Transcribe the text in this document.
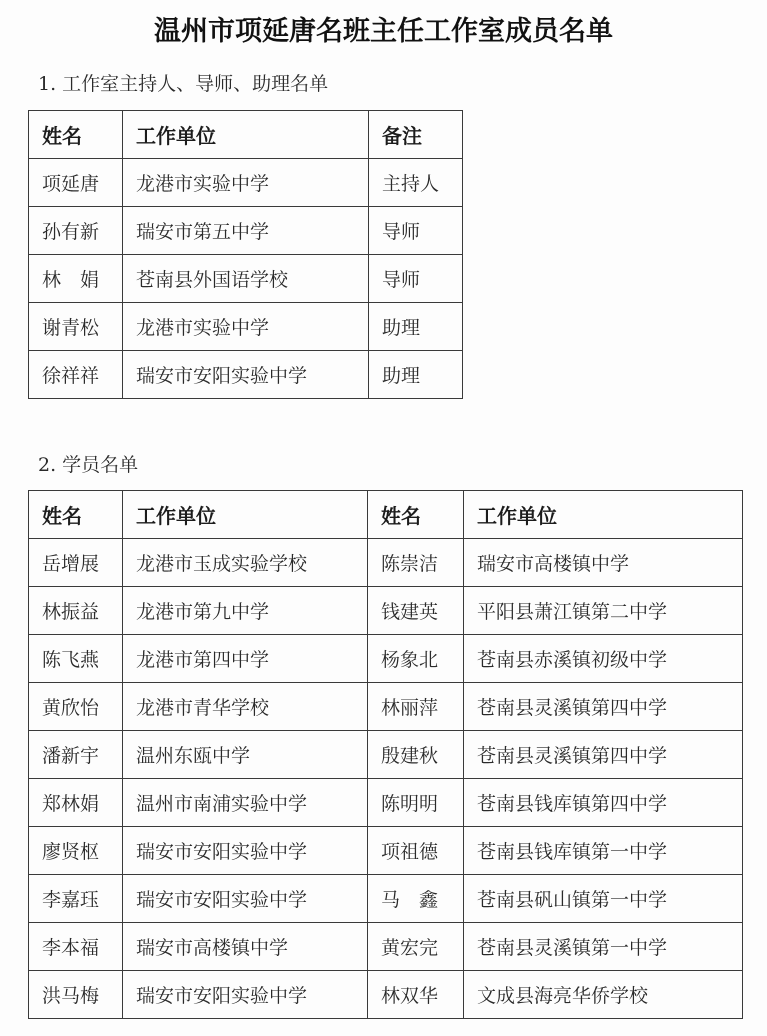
温州市项延唐名班主任工作室成员名单

1. 工作室主持人、导师、助理名单

姓名	工作单位	备注
项延唐	龙港市实验中学	主持人
孙有新	瑞安市第五中学	导师
林　娟	苍南县外国语学校	导师
谢青松	龙港市实验中学	助理
徐祥祥	瑞安市安阳实验中学	助理

2. 学员名单

姓名	工作单位	姓名	工作单位
岳增展	龙港市玉成实验学校	陈崇洁	瑞安市高楼镇中学
林振益	龙港市第九中学	钱建英	平阳县萧江镇第二中学
陈飞燕	龙港市第四中学	杨象北	苍南县赤溪镇初级中学
黄欣怡	龙港市青华学校	林丽萍	苍南县灵溪镇第四中学
潘新宇	温州东瓯中学	殷建秋	苍南县灵溪镇第四中学
郑林娟	温州市南浦实验中学	陈明明	苍南县钱库镇第四中学
廖贤枢	瑞安市安阳实验中学	项祖德	苍南县钱库镇第一中学
李嘉珏	瑞安市安阳实验中学	马　鑫	苍南县矾山镇第一中学
李本福	瑞安市高楼镇中学	黄宏完	苍南县灵溪镇第一中学
洪马梅	瑞安市安阳实验中学	林双华	文成县海亮华侨学校
